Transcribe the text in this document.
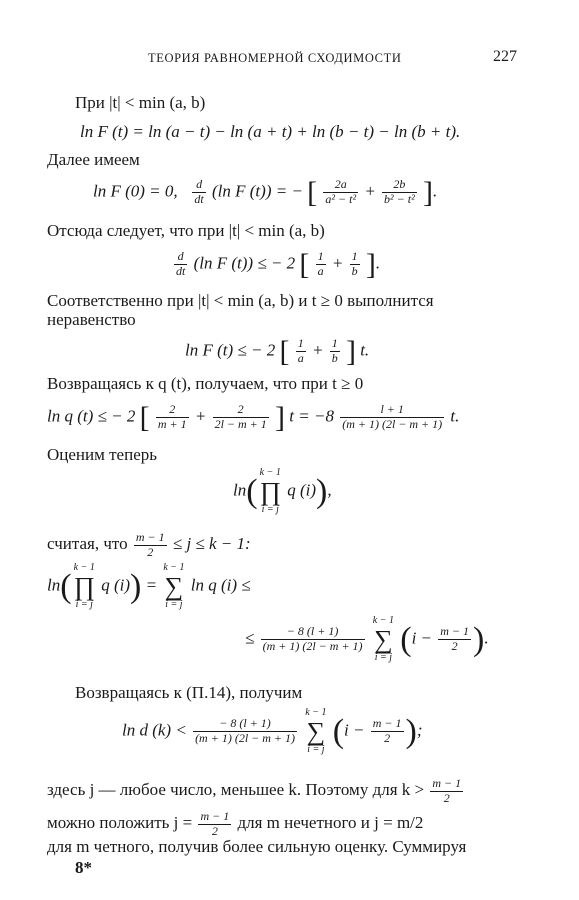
ТЕОРИЯ РАВНОМЕРНОЙ СХОДИМОСТИ	227
При |t| < min (a, b)
ln F (t) = ln (a − t) − ln (a + t) + ln (b − t) − ln (b + t).
Далее имеем
ln F (0) = 0, $\frac{d}{dt} (\ln$ F (t)) = − [ $\frac{2a}{\text{a² − t²}} + \frac{2b}{\text{b² − t²}}$ ].
Отсюда следует, что при |t| < min (a, b)
$\frac{d}{dt} (\ln$ F (t)) ≤ − 2 [ $\frac{1}{a} + \frac{1}{b}$ ].
Соответственно при |t| < min (a, b) и t ≥ 0 выполнится
неравенство
ln F (t) ≤ − 2 [ $\frac{1}{a} + \frac{1}{b}$ ] t.
Возвращаясь к q (t), получаем, что при t ≥ 0
ln q (t) ≤ − 2 [ $\frac{2}{m + 1} + \frac{2}{2l - m + 1}$ ] $t = -8 \frac{l + 1}{(m + 1) (2l - m + 1)} t$.
Оценим теперь
ln(k − 1
∏
i = j q (i)),
считая, что $\frac{m - 1}{2} \le j \le k - 1$:
ln(k − 1
∏
i = j q (i)) = k − 1
∑
i = j ln q (i) ≤
≤ $\frac{- 8 (l + 1)}{(m + 1) (2l - m + 1)}$
k − 1
∑
i = j ($i - \frac{m - 1}{2}$ ).
Возвращаясь к (П.14), получим
ln d $(k) < \frac{- 8 (l + 1)}{(m + 1) (2l - m + 1)}$
k − 1
∑
i = j ($i - \frac{m - 1}{2}$ );
здесь j — любое число, меньшее k. Поэтому для $k > \frac{m - 1}{2}$
можно положить $j = \frac{m - 1}{2}$ для m нечетного и j = m/2
для m четного, получив более сильную оценку. Суммируя
8*
